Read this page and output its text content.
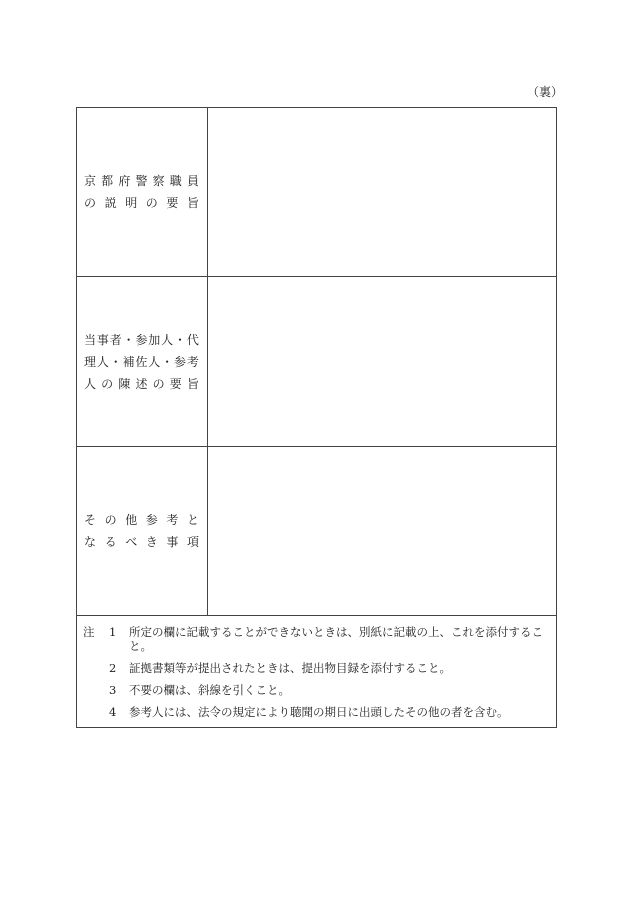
（裏）
京 都 府 警 察 職 員
の 説 明 の 要 旨
当 事 者 ・ 参 加 人 ・ 代
理 人 ・ 補 佐 人 ・ 参 考
人 の 陳 述 の 要 旨
そ の 他 参 考 と
な る べ き 事 項
注	1	所定の欄に記載することができないときは、別紙に記載の上、これを添付すること。
2	証拠書類等が提出されたときは、提出物目録を添付すること。
3	不要の欄は、斜線を引くこと。
4	参考人には、法令の規定により聴聞の期日に出頭したその他の者を含む。
